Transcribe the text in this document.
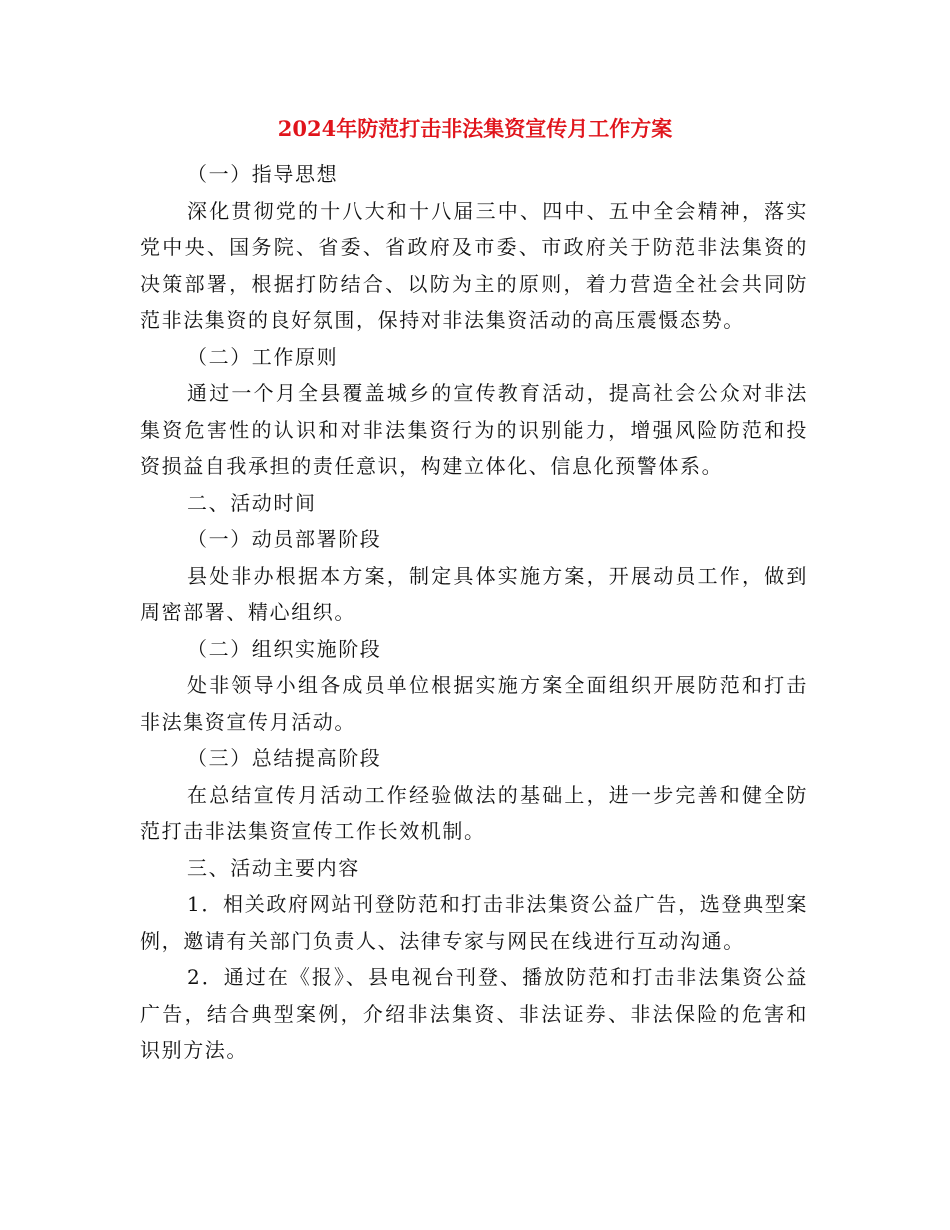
2024年防范打击非法集资宣传月工作方案

（一）指导思想

深化贯彻党的十八大和十八届三中、四中、五中全会精神，落实党中央、国务院、省委、省政府及市委、市政府关于防范非法集资的决策部署，根据打防结合、以防为主的原则，着力营造全社会共同防范非法集资的良好氛围，保持对非法集资活动的高压震慑态势。

（二）工作原则

通过一个月全县覆盖城乡的宣传教育活动，提高社会公众对非法集资危害性的认识和对非法集资行为的识别能力，增强风险防范和投资损益自我承担的责任意识，构建立体化、信息化预警体系。

二、活动时间

（一）动员部署阶段

县处非办根据本方案，制定具体实施方案，开展动员工作，做到周密部署、精心组织。

（二）组织实施阶段

处非领导小组各成员单位根据实施方案全面组织开展防范和打击非法集资宣传月活动。

（三）总结提高阶段

在总结宣传月活动工作经验做法的基础上，进一步完善和健全防范打击非法集资宣传工作长效机制。

三、活动主要内容

1．相关政府网站刊登防范和打击非法集资公益广告，选登典型案例，邀请有关部门负责人、法律专家与网民在线进行互动沟通。

2．通过在《报》、县电视台刊登、播放防范和打击非法集资公益广告，结合典型案例，介绍非法集资、非法证券、非法保险的危害和识别方法。
